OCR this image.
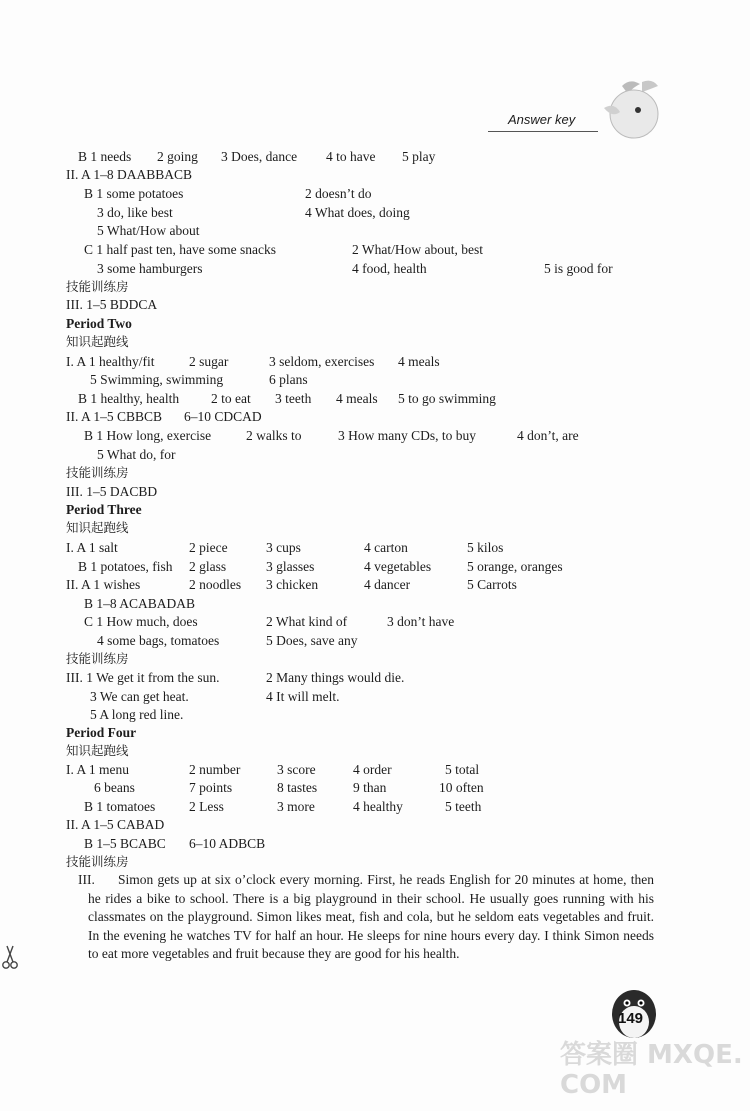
Answer key
B 1 needs 2 going 3 Does, dance 4 to have 5 play
II. A 1–8 DAABBACB
B 1 some potatoes	2 doesn’t do
3 do, like best	4 What does, doing
5 What/How about
C 1 half past ten, have some snacks	2 What/How about, best
3 some hamburgers	4 food, health	5 is good for
技能训练房
III. 1–5 BDDCA
Period Two
知识起跑线
I. A 1 healthy/fit	2 sugar	3 seldom, exercises 4 meals
5 Swimming, swimming	6 plans
B 1 healthy, health 2 to eat 3 teeth 4 meals 5 to go swimming
II. A 1–5 CBBCB 6–10 CDCAD
B 1 How long, exercise	2 walks to	3 How many CDs, to buy	4 don’t, are
5 What do, for
技能训练房
III. 1–5 DACBD
Period Three
知识起跑线
I. A 1 salt	2 piece	3 cups	4 carton	5 kilos
B 1 potatoes, fish 2 glass	3 glasses	4 vegetables	5 orange, oranges
II. A 1 wishes	2 noodles 3 chicken	4 dancer	5 Carrots
B 1–8 ACABADAB
C 1 How much, does	2 What kind of	3 don’t have
4 some bags, tomatoes	5 Does, save any
技能训练房
III. 1 We get it from the sun.	2 Many things would die.
3 We can get heat.	4 It will melt.
5 A long red line.
Period Four
知识起跑线
I. A 1 menu	2 number	3 score	4 order	5 total
6 beans	7 points	8 tastes	9 than	10 often
B 1 tomatoes	2 Less	3 more	4 healthy	5 teeth
II. A 1–5 CABAD
B 1–5 BCABC 6–10 ADBCB
技能训练房
III.	Simon gets up at six o’clock every morning. First, he reads English for 20 minutes at home, then he rides a bike to school. There is a big playground in their school. He usually goes running with his classmates on the playground. Simon likes meat, fish and cola, but he seldom eats vegetables and fruit. In the evening he watches TV for half an hour. He sleeps for nine hours every day. I think Simon needs to eat more vegetables and fruit because they are good for his health.
149
答案圈 MXQE.COM
